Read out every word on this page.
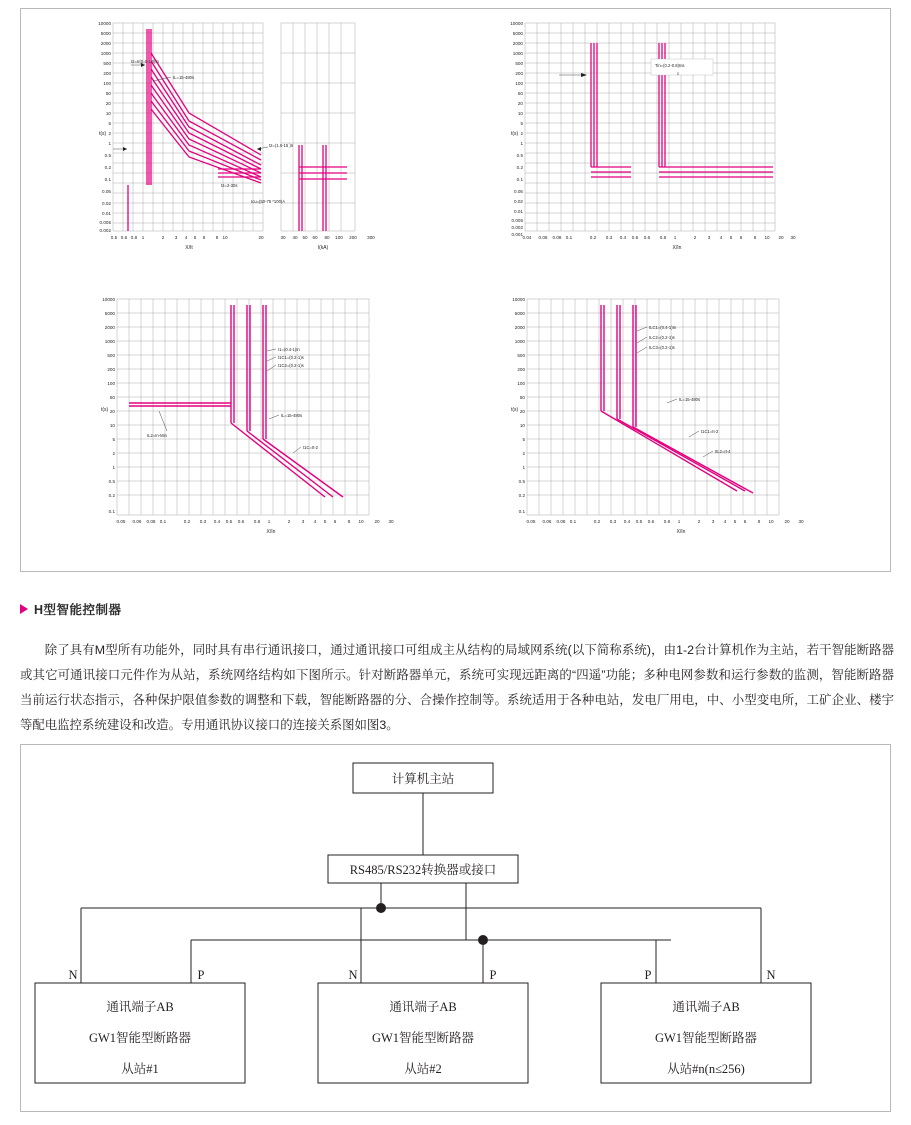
10000
5000
2000
1000
500
200
100
50
20
10
5
2
1
0.5
0.2
0.1
0.05
0.02
0.01
0.005
0.002
t(s)
0.5 0.6 0.8 1	2 3 4 5 6 8 10	20
X/It
I2=Ir(0.4-1.0)In
IL=15-480s
t2=(1.0-15 )Ir
t2=2-30s
Icu=(50-75 *100)A
30 40 50 60 80 100 200 300
I(kA)
10000
5000
2000
1000
500
200
100
50
20
10
5
2
1
0.5
0.2
0.1
0.05
0.02
0.01
0.005
0.002
0.001
t(s)
0.04 0.06 0.08 0.1	0.2 0.3 0.4 0.5 0.6 0.8 1	2 3 4 5 6 8 10 20 30
X/In
Tin=(0.2-0.8)Ins
c
10000
5000
2000
1000
500
200
100
50
20
10
5
2
1
0.5
0.2
0.1
t(s)
0.05 0.06 0.08 0.1	0.2 0.3 0.4 0.5 0.6 0.8 1	2 3 4 5 6 8 10 20 30
X/In
I1=(0.4-1)In
t1C1=(0.2-1)s
t1C2=(0.2-1)s
IL=15-480s
t1C=It-2
IL2=In-Min
10000
5000
2000
1000
500
200
100
50
20
10
5
2
1
0.5
0.2
0.1
t(s)
0.05 0.06 0.08 0.1	0.2 0.3 0.4 0.5 0.6 0.8 1	2 3 4 5 6 8 10 20 30
X/In
ILC1=(0.4-1)In
ILC2=(0.2-1)s
ILC3=(0.2-1)s
IL=15-480s
t1C1=It-2
ItL2=It-4
H型智能控制器

除了具有M型所有功能外，同时具有串行通讯接口，通过通讯接口可组成主从结构的局域网系统(以下简称系统)，由1-2台计算机作为主站，若干智能断路器或其它可通讯接口元件作为从站，系统网络结构如下图所示。针对断路器单元，系统可实现远距离的“四遥”功能；多种电网参数和运行参数的监测，智能断路器当前运行状态指示，各种保护限值参数的调整和下载，智能断路器的分、合操作控制等。系统适用于各种电站，发电厂用电，中、小型变电所，工矿企业、楼宇等配电监控系统建设和改造。专用通讯协议接口的连接关系图如图3。

计算机主站
RS485/RS232转换器或接口
N	P	N	P	P	N
通讯端子AB
GW1智能型断路器
从站#1
通讯端子AB
GW1智能型断路器
从站#2
通讯端子AB
GW1智能型断路器
从站#n(n≤256)
